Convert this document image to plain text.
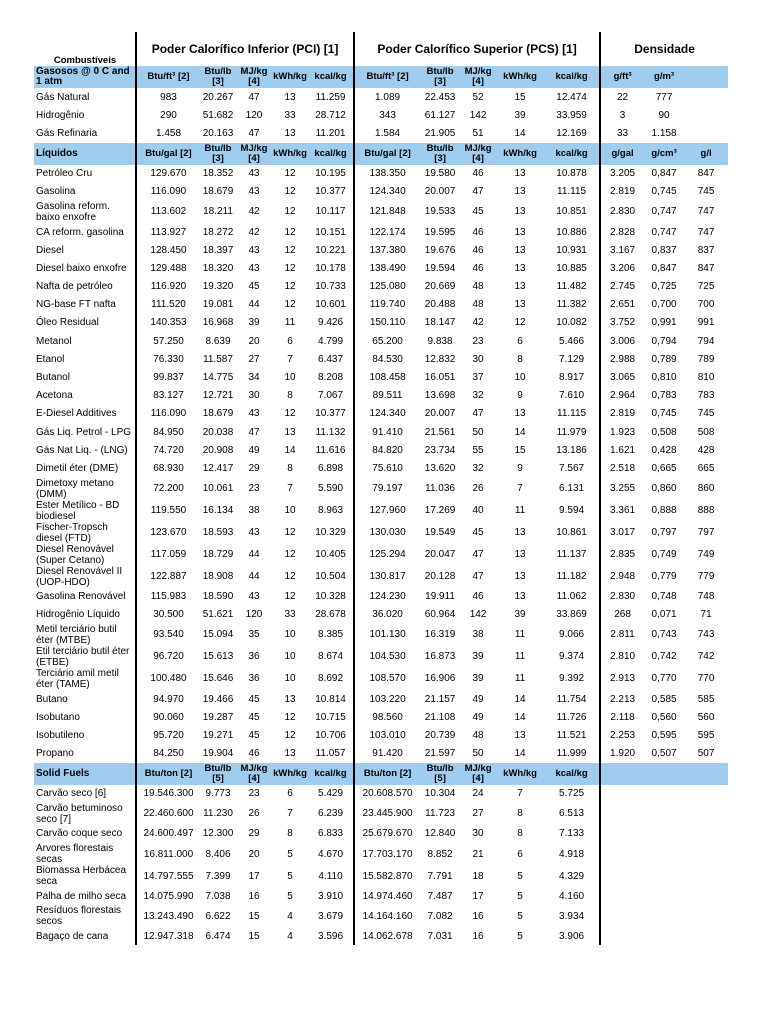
Combustíveis	Poder Calorífico Inferior (PCI) [1]					Poder Calorífico Superior (PCS) [1]					Densidade		
Gasosos @ 0 C and 1 atm	Btu/ft³ [2]	Btu/lb [3]	MJ/kg [4]	kWh/kg	kcal/kg	Btu/ft³ [2]	Btu/lb [3]	MJ/kg [4]	kWh/kg	kcal/kg	g/ft³	g/m³	
Gás Natural	983	20.267	47	13	11.259	1.089	22.453	52	15	12.474	22	777	
Hidrogênio	290	51.682	120	33	28.712	343	61.127	142	39	33.959	3	90	
Gás Refinaria	1.458	20.163	47	13	11.201	1.584	21.905	51	14	12.169	33	1.158	
Líquidos	Btu/gal [2]	Btu/lb [3]	MJ/kg [4]	kWh/kg	kcal/kg	Btu/gal [2]	Btu/lb [3]	MJ/kg [4]	kWh/kg	kcal/kg	g/gal	g/cm³	g/l
Petróleo Cru	129.670	18.352	43	12	10.195	138.350	19.580	46	13	10.878	3.205	0,847	847
Gasolina	116.090	18.679	43	12	10.377	124.340	20.007	47	13	11.115	2.819	0,745	745
Gasolina reform. baixo enxofre	113.602	18.211	42	12	10.117	121.848	19.533	45	13	10.851	2.830	0,747	747
CA reform. gasolina	113.927	18.272	42	12	10.151	122.174	19.595	46	13	10.886	2.828	0,747	747
Diesel	128.450	18.397	43	12	10.221	137.380	19.676	46	13	10.931	3.167	0,837	837
Diesel baixo enxofre	129.488	18.320	43	12	10.178	138.490	19.594	46	13	10.885	3.206	0,847	847
Nafta de petróleo	116.920	19.320	45	12	10.733	125.080	20.669	48	13	11.482	2.745	0,725	725
NG-base FT nafta	111.520	19.081	44	12	10.601	119.740	20.488	48	13	11.382	2.651	0,700	700
Óleo Residual	140.353	16.968	39	11	9.426	150.110	18.147	42	12	10.082	3.752	0,991	991
Metanol	57.250	8.639	20	6	4.799	65.200	9.838	23	6	5.466	3.006	0,794	794
Etanol	76.330	11.587	27	7	6.437	84.530	12.832	30	8	7.129	2.988	0,789	789
Butanol	99.837	14.775	34	10	8.208	108.458	16.051	37	10	8.917	3.065	0,810	810
Acetona	83.127	12.721	30	8	7.067	89.511	13.698	32	9	7.610	2.964	0,783	783
E-Diesel Additives	116.090	18.679	43	12	10.377	124.340	20.007	47	13	11.115	2.819	0,745	745
Gás Liq. Petrol - LPG	84.950	20.038	47	13	11.132	91.410	21.561	50	14	11.979	1.923	0,508	508
Gás Nat Liq. - (LNG)	74.720	20.908	49	14	11.616	84.820	23.734	55	15	13.186	1.621	0,428	428
Dimetil éter (DME)	68.930	12.417	29	8	6.898	75.610	13.620	32	9	7.567	2.518	0,665	665
Dimetoxy metano (DMM)	72.200	10.061	23	7	5.590	79.197	11.036	26	7	6.131	3.255	0,860	860
Éster Metílico - BD biodiesel	119.550	16.134	38	10	8.963	127.960	17.269	40	11	9.594	3.361	0,888	888
Fischer-Tropsch diesel (FTD)	123.670	18.593	43	12	10.329	130.030	19.549	45	13	10.861	3.017	0,797	797
Diesel Renovável (Super Cetano)	117.059	18.729	44	12	10.405	125.294	20.047	47	13	11.137	2.835	0,749	749
Diesel Renovável II (UOP-HDO)	122.887	18.908	44	12	10.504	130.817	20.128	47	13	11.182	2.948	0,779	779
Gasolina Renovável	115.983	18.590	43	12	10.328	124.230	19.911	46	13	11.062	2.830	0,748	748
Hidrogênio Líquido	30.500	51.621	120	33	28.678	36.020	60.964	142	39	33.869	268	0,071	71
Metil terciário butil éter (MTBE)	93.540	15.094	35	10	8.385	101.130	16.319	38	11	9.066	2.811	0,743	743
Etil terciário butil éter (ETBE)	96.720	15.613	36	10	8.674	104.530	16.873	39	11	9.374	2.810	0,742	742
Terciário amil metil éter (TAME)	100.480	15.646	36	10	8.692	108.570	16.906	39	11	9.392	2.913	0,770	770
Butano	94.970	19.466	45	13	10.814	103.220	21.157	49	14	11.754	2.213	0,585	585
Isobutano	90.060	19.287	45	12	10.715	98.560	21.108	49	14	11.726	2.118	0,560	560
Isobutileno	95.720	19.271	45	12	10.706	103.010	20.739	48	13	11.521	2.253	0,595	595
Propano	84.250	19.904	46	13	11.057	91.420	21.597	50	14	11.999	1.920	0,507	507
Solid Fuels	Btu/ton [2]	Btu/lb [5]	MJ/kg [4]	kWh/kg	kcal/kg	Btu/ton [2]	Btu/lb [5]	MJ/kg [4]	kWh/kg	kcal/kg			
Carvão seco [6]	19.546.300	9.773	23	6	5.429	20.608.570	10.304	24	7	5.725			
Carvão betuminoso seco [7]	22.460.600	11.230	26	7	6.239	23.445.900	11.723	27	8	6.513			
Carvão coque seco	24.600.497	12.300	29	8	6.833	25.679.670	12.840	30	8	7.133			
Árvores florestais secas	16.811.000	8.406	20	5	4.670	17.703.170	8.852	21	6	4.918			
Biomassa Herbácea seca	14.797.555	7.399	17	5	4.110	15.582.870	7.791	18	5	4.329			
Palha de milho seca	14.075.990	7.038	16	5	3.910	14.974.460	7.487	17	5	4.160			
Resíduos florestais secos	13.243.490	6.622	15	4	3.679	14.164.160	7.082	16	5	3.934			
Bagaço de cana	12.947.318	6.474	15	4	3.596	14.062.678	7.031	16	5	3.906			
